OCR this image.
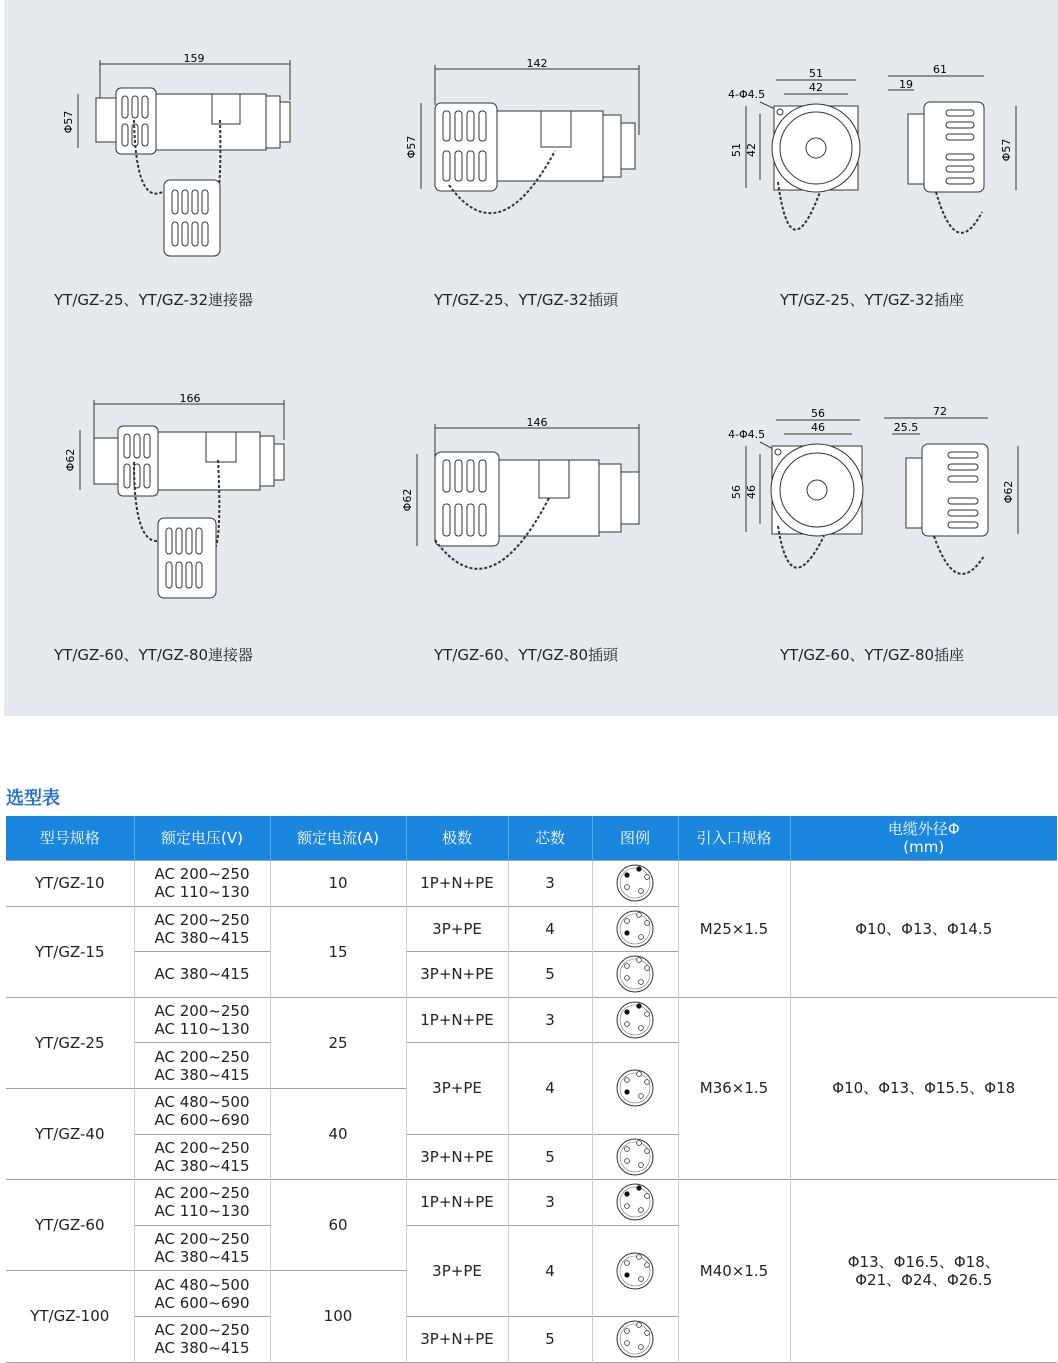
159
Φ57
YT/GZ-25、YT/GZ-32連接器
142
Φ57
YT/GZ-25、YT/GZ-32插頭
4-Φ4.5
51
42
51 42
61
19
Φ57
YT/GZ-25、YT/GZ-32插座
166
Φ62
YT/GZ-60、YT/GZ-80連接器
146
Φ62
YT/GZ-60、YT/GZ-80插頭
4-Φ4.5
56
46
56 46
72
25.5
Φ62
YT/GZ-60、YT/GZ-80插座
选型表
型号规格	额定电压(V)	额定电流(A)	极数	芯数	图例	引入口规格	电缆外径Φ
(mm)

YT/GZ-10	AC 200~250
AC 110~130	10	1P+N+PE	3		M25×1.5	Φ10、Φ13、Φ14.5

YT/GZ-15	AC 200~250
AC 380~415	15	3P+PE	4	

	AC 380~415		3P+N+PE	5	

YT/GZ-25	AC 200~250
AC 110~130	25	1P+N+PE	3		M36×1.5	Φ10、Φ13、Φ15.5、Φ18

	AC 200~250
AC 380~415		3P+PE	4	

YT/GZ-40	AC 480~500
AC 600~690	40					

	AC 200~250
AC 380~415		3P+N+PE	5	

YT/GZ-60	AC 200~250
AC 110~130	60	1P+N+PE	3		M40×1.5	Φ13、Φ16.5、Φ18、
Φ21、Φ24、Φ26.5

	AC 200~250
AC 380~415		3P+PE	4	

YT/GZ-100	AC 480~500
AC 600~690	100					

	AC 200~250
AC 380~415		3P+N+PE	5	
